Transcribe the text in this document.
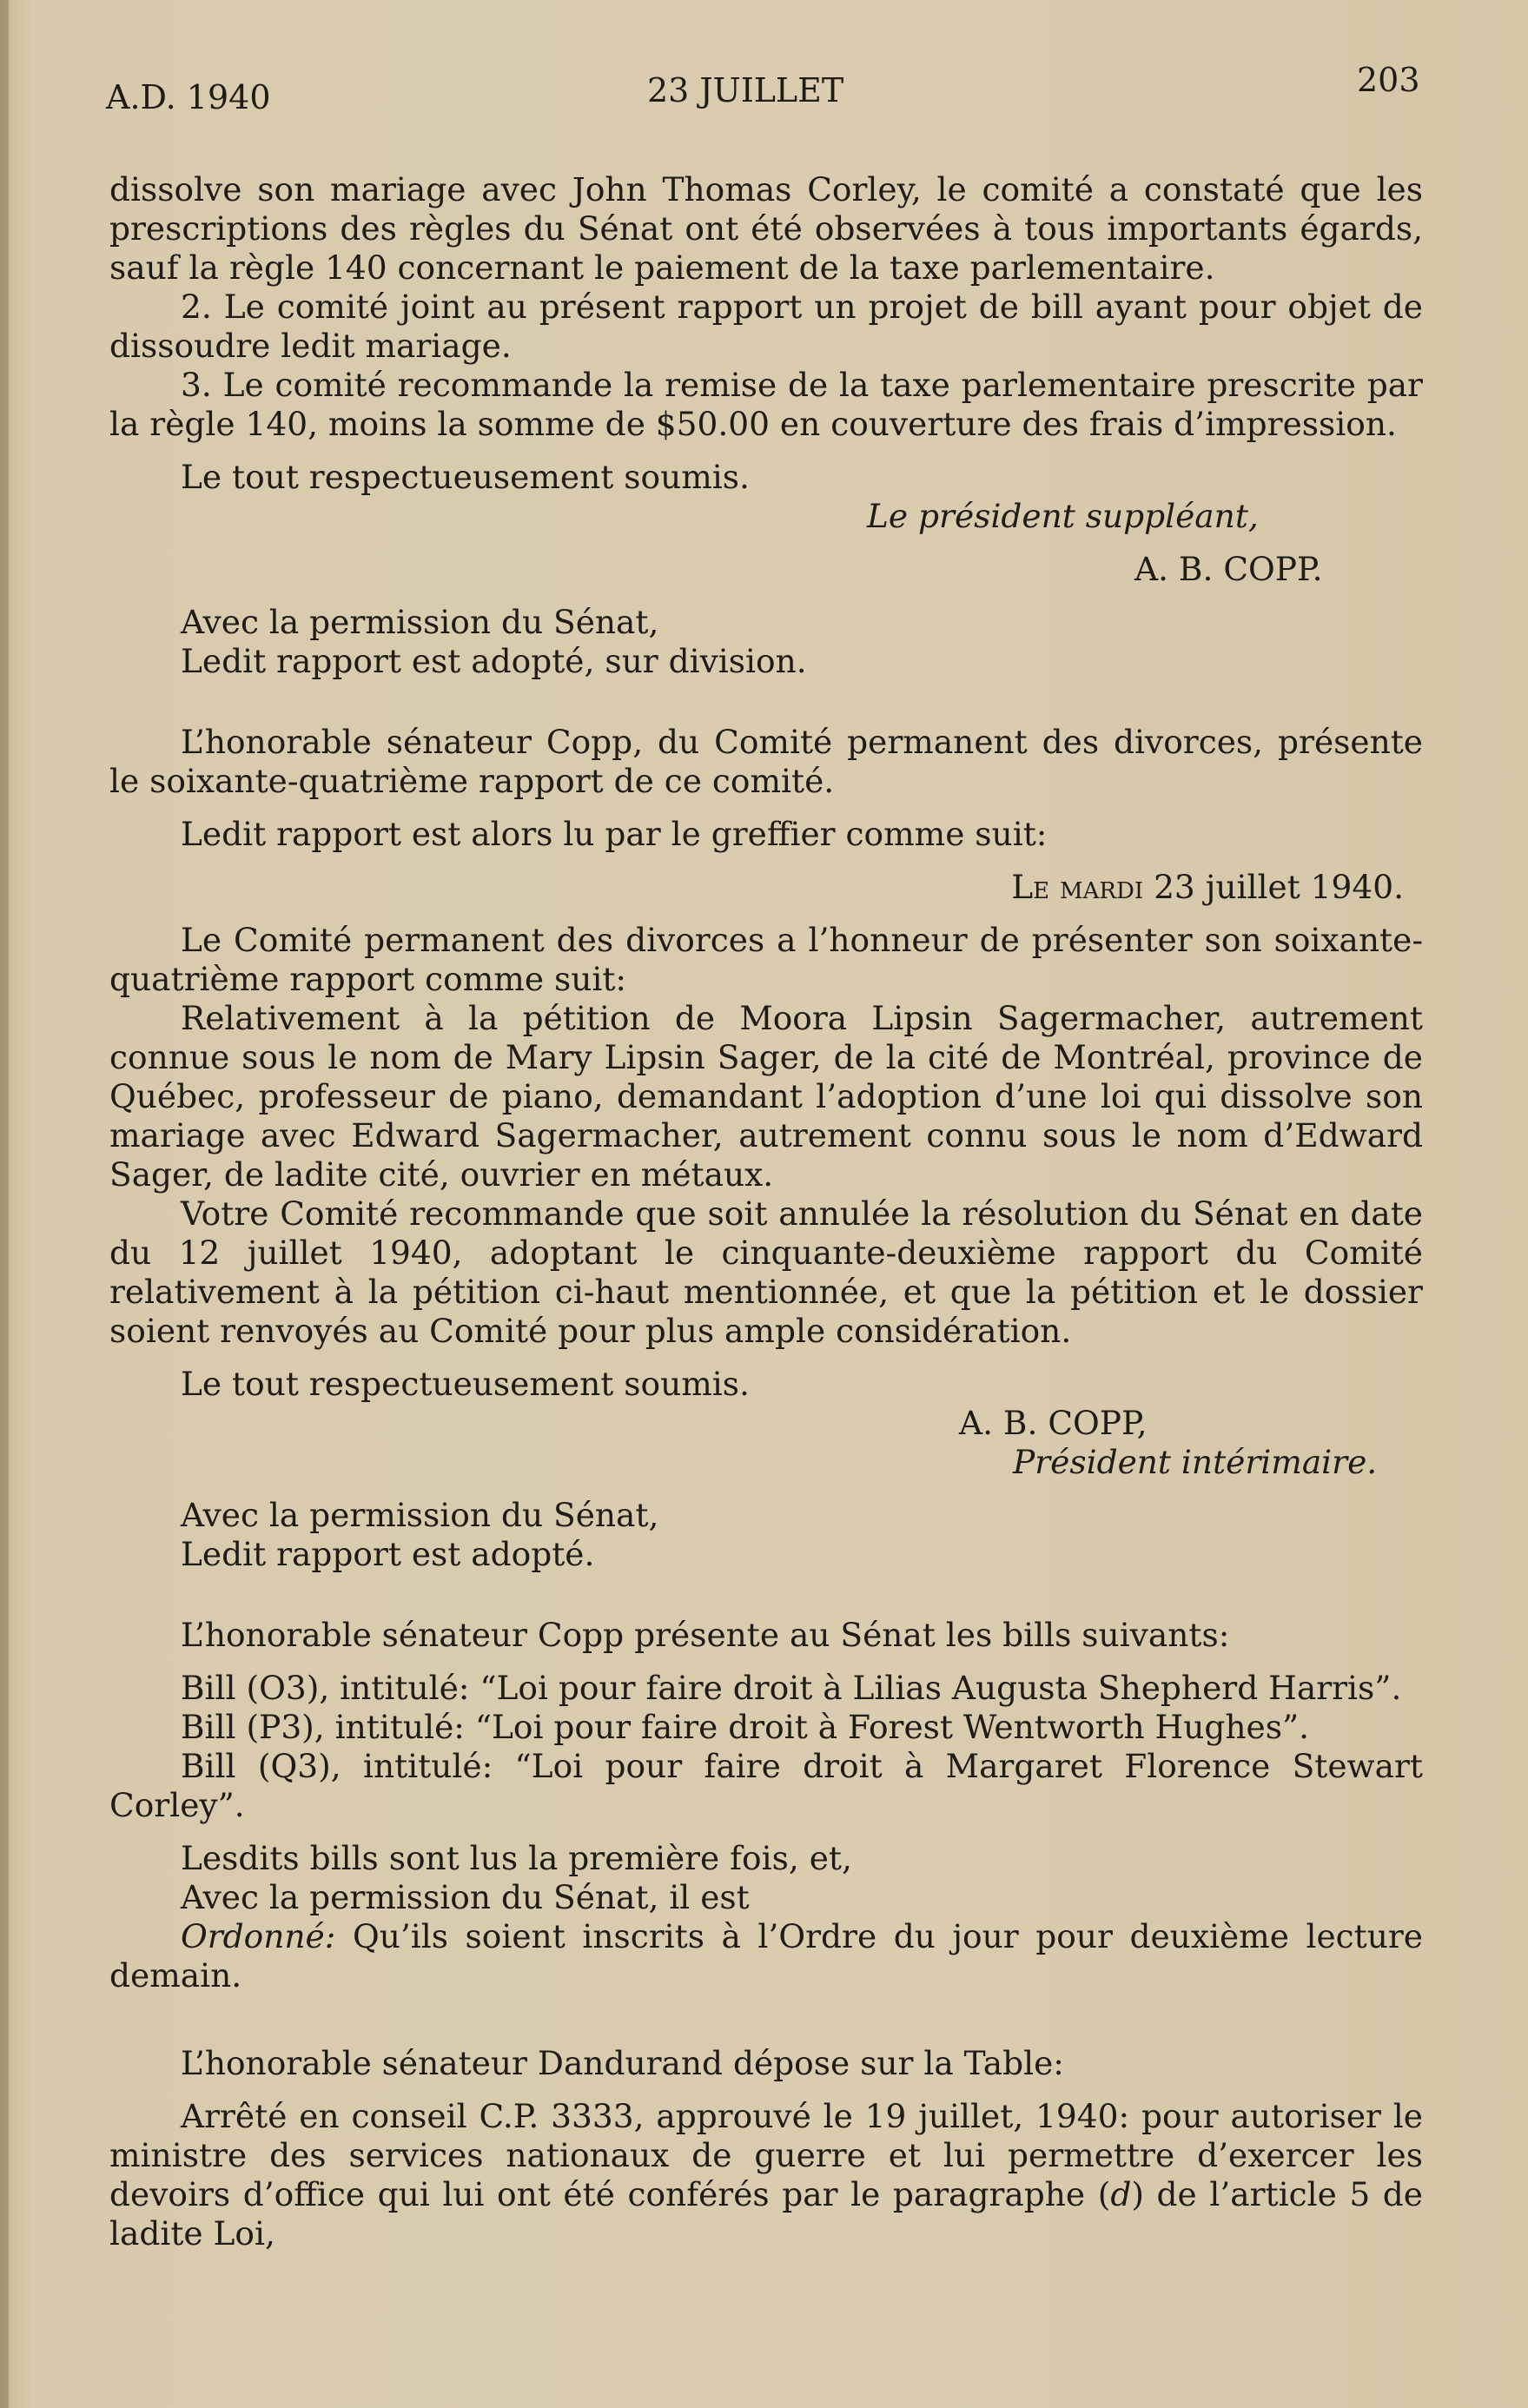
A.D. 1940	23 JUILLET	203

dissolve son mariage avec John Thomas Corley, le comité a constaté que les prescriptions des règles du Sénat ont été observées à tous importants égards, sauf la règle 140 concernant le paiement de la taxe parlementaire.

2. Le comité joint au présent rapport un projet de bill ayant pour objet de dissoudre ledit mariage.

3. Le comité recommande la remise de la taxe parlementaire prescrite par la règle 140, moins la somme de $50.00 en couverture des frais d’impression.

Le tout respectueusement soumis.

Le président suppléant,

A. B. COPP.

Avec la permission du Sénat,

Ledit rapport est adopté, sur division.

L’honorable sénateur Copp, du Comité permanent des divorces, présente le soixante-quatrième rapport de ce comité.

Ledit rapport est alors lu par le greffier comme suit:

Le mardi 23 juillet 1940.

Le Comité permanent des divorces a l’honneur de présenter son soixante-quatrième rapport comme suit:

Relativement à la pétition de Moora Lipsin Sagermacher, autrement connue sous le nom de Mary Lipsin Sager, de la cité de Montréal, province de Québec, professeur de piano, demandant l’adoption d’une loi qui dissolve son mariage avec Edward Sagermacher, autrement connu sous le nom d’Edward Sager, de ladite cité, ouvrier en métaux.

Votre Comité recommande que soit annulée la résolution du Sénat en date du 12 juillet 1940, adoptant le cinquante-deuxième rapport du Comité relativement à la pétition ci-haut mentionnée, et que la pétition et le dossier soient renvoyés au Comité pour plus ample considération.

Le tout respectueusement soumis.

A. B. COPP,

Président intérimaire.

Avec la permission du Sénat,

Ledit rapport est adopté.

L’honorable sénateur Copp présente au Sénat les bills suivants:

Bill (O3), intitulé: “Loi pour faire droit à Lilias Augusta Shepherd Harris”.

Bill (P3), intitulé: “Loi pour faire droit à Forest Wentworth Hughes”.

Bill (Q3), intitulé: “Loi pour faire droit à Margaret Florence Stewart Corley”.

Lesdits bills sont lus la première fois, et,

Avec la permission du Sénat, il est

Ordonné: Qu’ils soient inscrits à l’Ordre du jour pour deuxième lecture demain.

L’honorable sénateur Dandurand dépose sur la Table:

Arrêté en conseil C.P. 3333, approuvé le 19 juillet, 1940: pour autoriser le ministre des services nationaux de guerre et lui permettre d’exercer les devoirs d’office qui lui ont été conférés par le paragraphe (d) de l’article 5 de ladite Loi,
